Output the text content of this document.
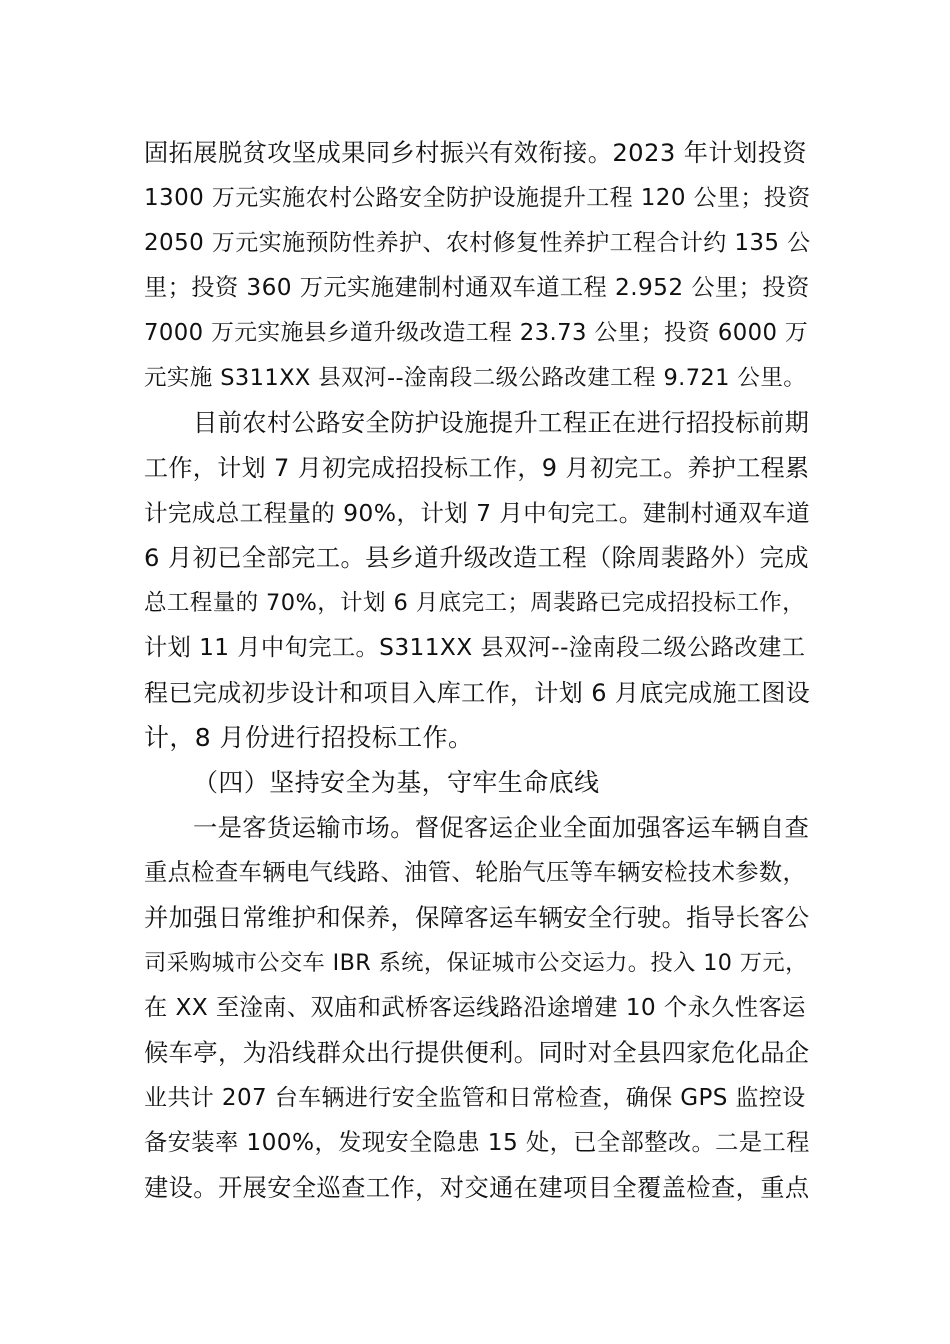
固拓展脱贫攻坚成果同乡村振兴有效衔接。2023 年计划投资
1300 万元实施农村公路安全防护设施提升工程 120 公里；投资
2050 万元实施预防性养护、农村修复性养护工程合计约 135 公
里；投资 360 万元实施建制村通双车道工程 2.952 公里；投资
7000 万元实施县乡道升级改造工程 23.73 公里；投资 6000 万
元实施 S311XX 县双河--淦南段二级公路改建工程 9.721 公里。
目前农村公路安全防护设施提升工程正在进行招投标前期
工作，计划 7 月初完成招投标工作，9 月初完工。养护工程累
计完成总工程量的 90%，计划 7 月中旬完工。建制村通双车道
6 月初已全部完工。县乡道升级改造工程（除周裴路外）完成
总工程量的 70%，计划 6 月底完工；周裴路已完成招投标工作，
计划 11 月中旬完工。S311XX 县双河--淦南段二级公路改建工
程已完成初步设计和项目入库工作，计划 6 月底完成施工图设
计，8 月份进行招投标工作。
（四）坚持安全为基，守牢生命底线
一是客货运输市场。督促客运企业全面加强客运车辆自查
重点检查车辆电气线路、油管、轮胎气压等车辆安检技术参数，
并加强日常维护和保养，保障客运车辆安全行驶。指导长客公
司采购城市公交车 IBR 系统，保证城市公交运力。投入 10 万元，
在 XX 至淦南、双庙和武桥客运线路沿途增建 10 个永久性客运
候车亭，为沿线群众出行提供便利。同时对全县四家危化品企
业共计 207 台车辆进行安全监管和日常检查，确保 GPS 监控设
备安装率 100%，发现安全隐患 15 处，已全部整改。二是工程
建设。开展安全巡查工作，对交通在建项目全覆盖检查，重点
